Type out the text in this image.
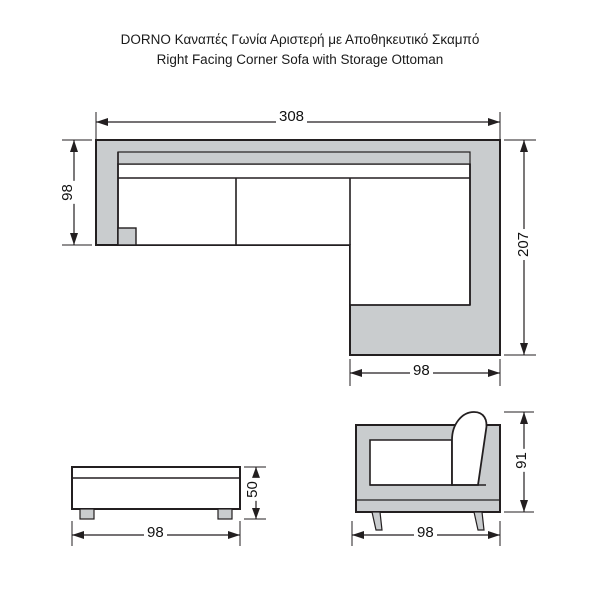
DORNO Καναπές Γωνία Αριστερή με Αποθηκευτικό Σκαμπό
Right Facing Corner Sofa with Storage Ottoman
308
98
207
98
50
98
91
98
